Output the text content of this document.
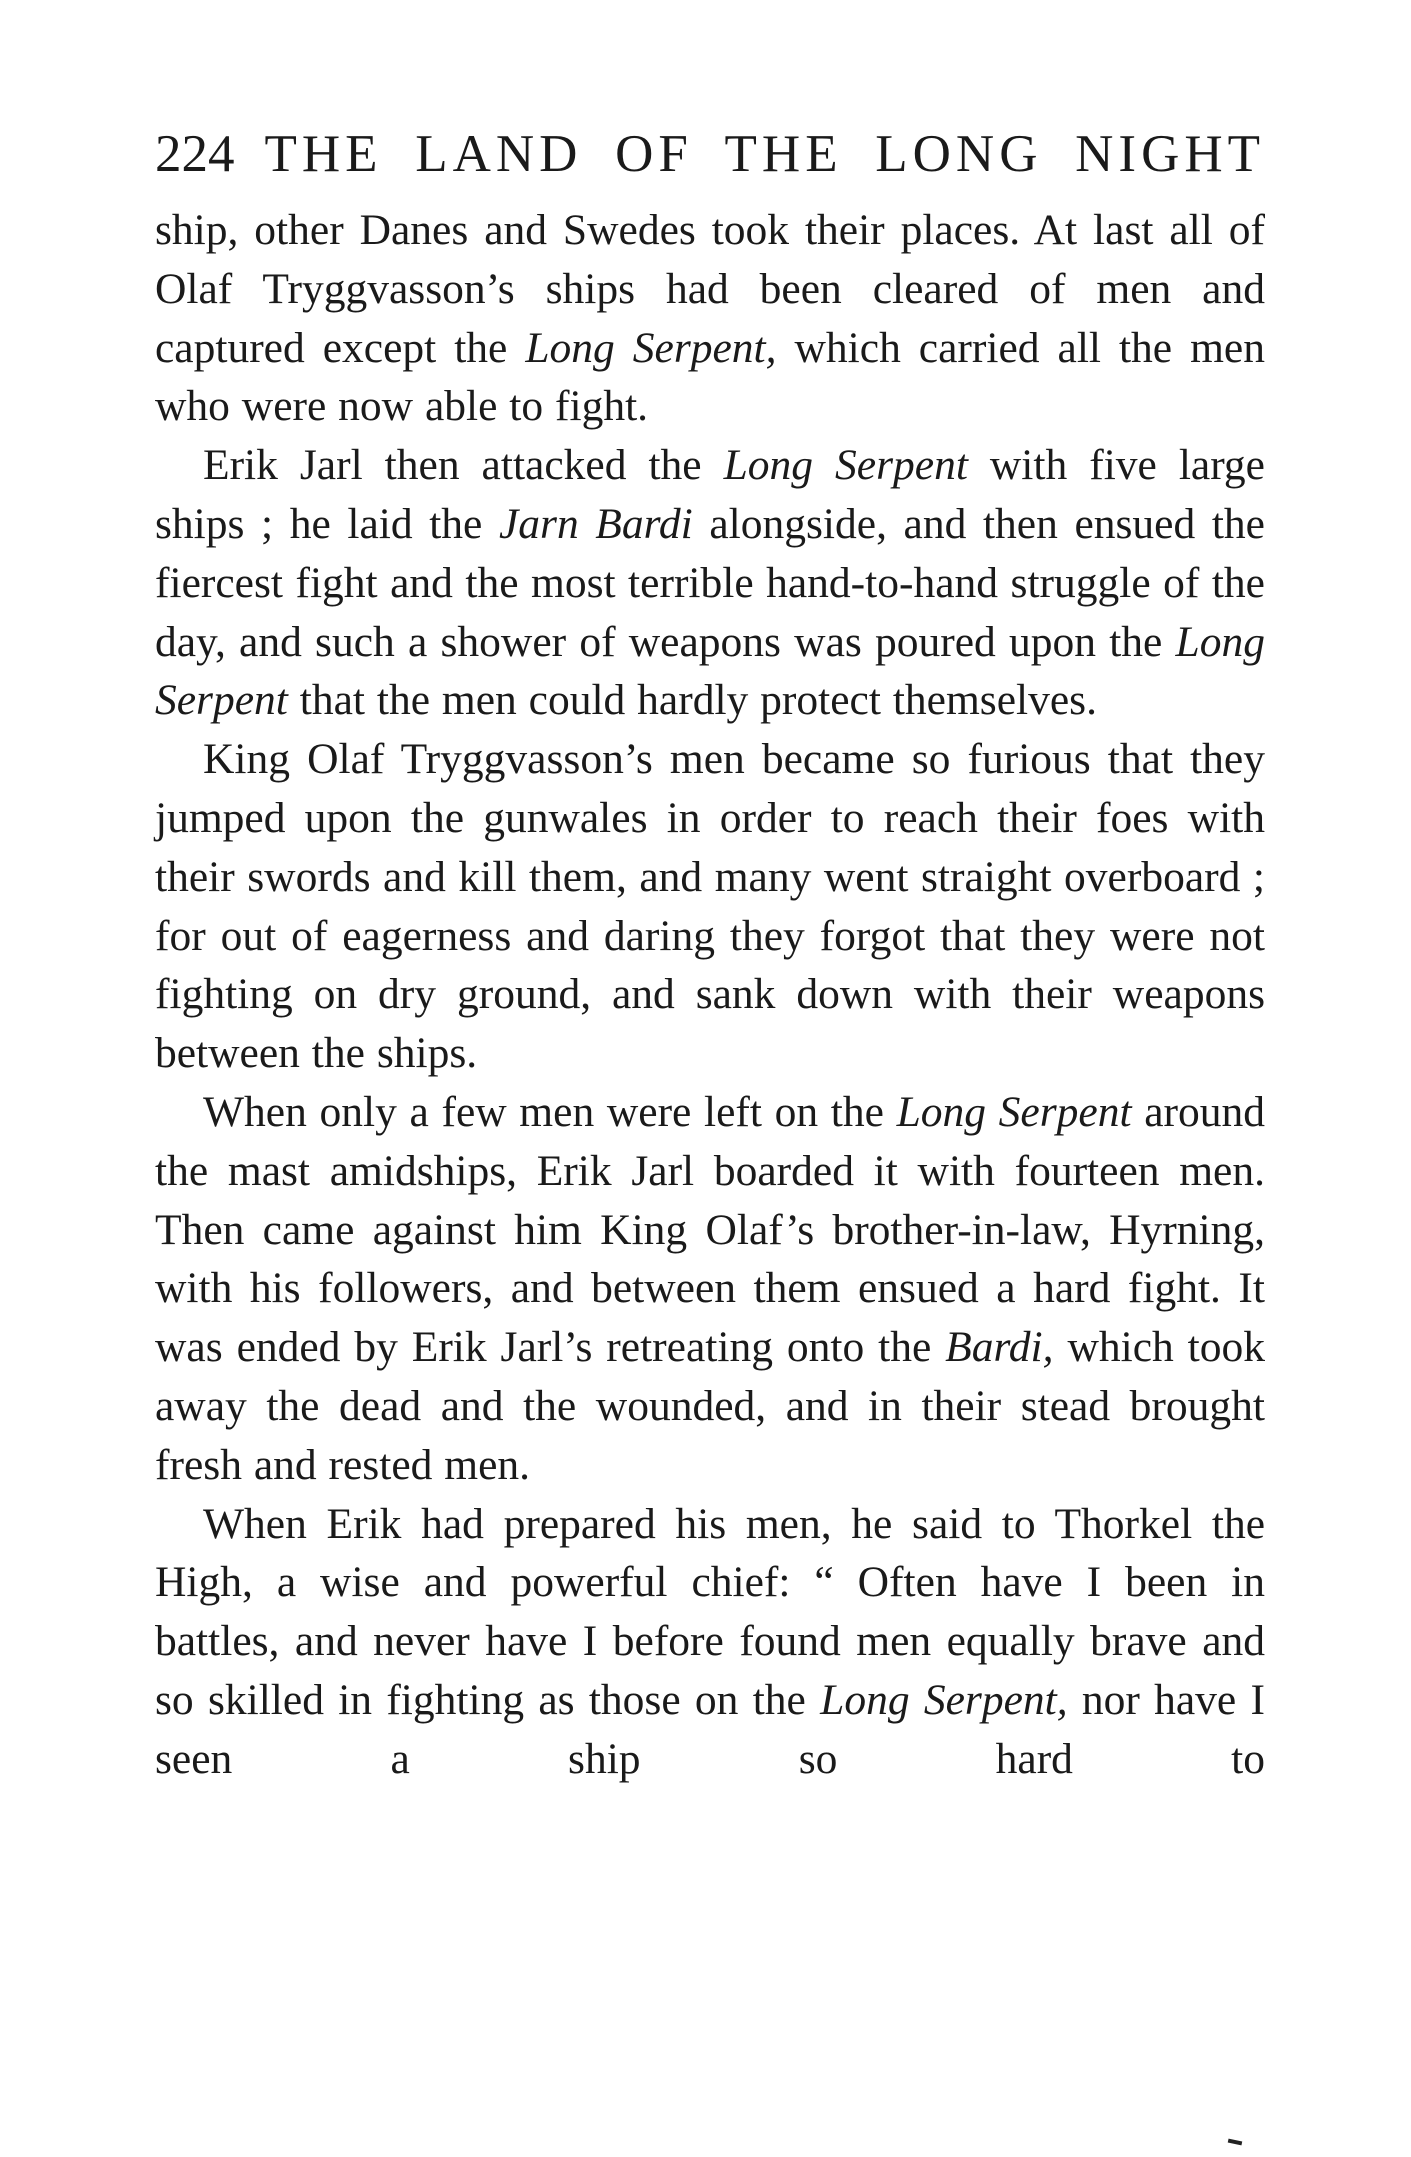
224 THE LAND OF THE LONG NIGHT

ship, other Danes and Swedes took their places. At last all of Olaf Tryggvasson’s ships had been cleared of men and captured except the Long Serpent, which carried all the men who were now able to fight.

Erik Jarl then attacked the Long Serpent with five large ships ; he laid the Jarn Bardi alongside, and then ensued the fiercest fight and the most terrible hand-to-hand struggle of the day, and such a shower of weapons was poured upon the Long Serpent that the men could hardly protect themselves.

King Olaf Tryggvasson’s men became so furious that they jumped upon the gunwales in order to reach their foes with their swords and kill them, and many went straight overboard ; for out of eagerness and daring they forgot that they were not fighting on dry ground, and sank down with their weapons between the ships.

When only a few men were left on the Long Serpent around the mast amidships, Erik Jarl boarded it with fourteen men. Then came against him King Olaf’s brother-in-law, Hyrning, with his followers, and between them ensued a hard fight. It was ended by Erik Jarl’s retreating onto the Bardi, which took away the dead and the wounded, and in their stead brought fresh and rested men.

When Erik had prepared his men, he said to Thorkel the High, a wise and powerful chief: “ Often have I been in battles, and never have I before found men equally brave and so skilled in fighting as those on the Long Serpent, nor have I seen a ship so hard to
